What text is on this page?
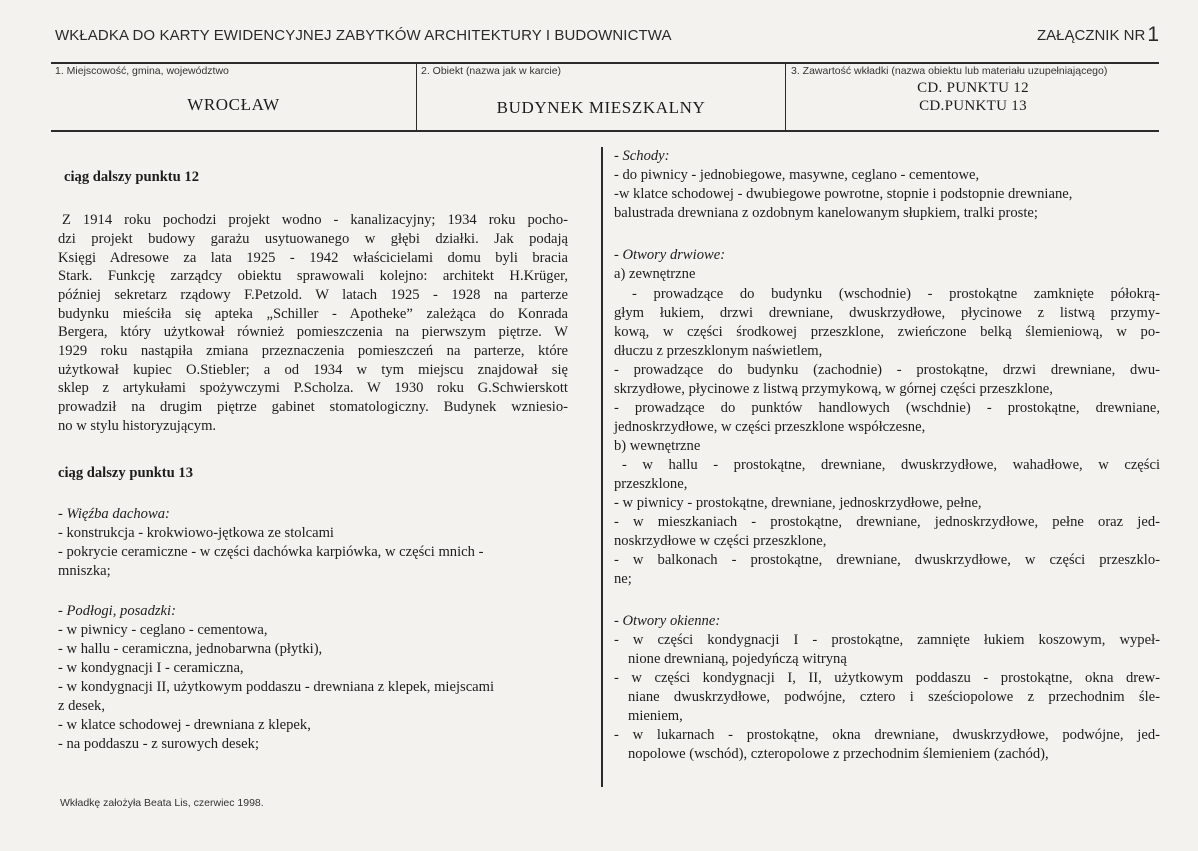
WKŁADKA DO KARTY EWIDENCYJNEJ ZABYTKÓW ARCHITEKTURY I BUDOWNICTWA	ZAŁĄCZNIK NR1
1. Miejscowość, gmina, województwo
WROCŁAW
2. Obiekt (nazwa jak w karcie)
BUDYNEK MIESZKALNY
3. Zawartość wkładki (nazwa obiektu lub materiału uzupełniającego)
CD. PUNKTU 12
CD.PUNKTU 13
ciąg dalszy punktu 12
Z 1914 roku pochodzi projekt wodno - kanalizacyjny; 1934 roku pocho-
dzi projekt budowy garażu usytuowanego w głębi działki. Jak podają
Księgi Adresowe za lata 1925 - 1942 właścicielami domu byli bracia
Stark. Funkcję zarządcy obiektu sprawowali kolejno: architekt H.Krüger,
później sekretarz rządowy F.Petzold. W latach 1925 - 1928 na parterze
budynku mieściła się apteka „Schiller - Apotheke” zależąca do Konrada
Bergera, który użytkował również pomieszczenia na pierwszym piętrze. W
1929 roku nastąpiła zmiana przeznaczenia pomieszczeń na parterze, które
użytkował kupiec O.Stiebler; a od 1934 w tym miejscu znajdował się
sklep z artykułami spożywczymi P.Scholza. W 1930 roku G.Schwierskott
prowadził na drugim piętrze gabinet stomatologiczny. Budynek wzniesio-
no w stylu historyzującym.
ciąg dalszy punktu 13
- Więźba dachowa:
- konstrukcja - krokwiowo-jętkowa ze stolcami
- pokrycie ceramiczne - w części dachówka karpiówka, w części mnich -
mniszka;
- Podłogi, posadzki:
- w piwnicy - ceglano - cementowa,
- w hallu - ceramiczna, jednobarwna (płytki),
- w kondygnacji I - ceramiczna,
- w kondygnacji II, użytkowym poddaszu - drewniana z klepek, miejscami
z desek,
- w klatce schodowej - drewniana z klepek,
- na poddaszu - z surowych desek;
- Schody:
- do piwnicy - jednobiegowe, masywne, ceglano - cementowe,
-w klatce schodowej - dwubiegowe powrotne, stopnie i podstopnie drewniane,
balustrada drewniana z ozdobnym kanelowanym słupkiem, tralki proste;
- Otwory drwiowe:
a) zewnętrzne
- prowadzące do budynku (wschodnie) - prostokątne zamknięte półokrą-
głym łukiem, drzwi drewniane, dwuskrzydłowe, płycinowe z listwą przymy-
kową, w części środkowej przeszklone, zwieńczone belką ślemieniową, w po-
dłuczu z przeszklonym naświetlem,
- prowadzące do budynku (zachodnie) - prostokątne, drzwi drewniane, dwu-
skrzydłowe, płycinowe z listwą przymykową, w górnej części przeszklone,
- prowadzące do punktów handlowych (wschdnie) - prostokątne, drewniane,
jednoskrzydłowe, w części przeszklone współczesne,
b) wewnętrzne
- w hallu - prostokątne, drewniane, dwuskrzydłowe, wahadłowe, w części
przeszklone,
- w piwnicy - prostokątne, drewniane, jednoskrzydłowe, pełne,
- w mieszkaniach - prostokątne, drewniane, jednoskrzydłowe, pełne oraz jed-
noskrzydłowe w części przeszklone,
- w balkonach - prostokątne, drewniane, dwuskrzydłowe, w części przeszklo-
ne;
- Otwory okienne:
- w części kondygnacji I - prostokątne, zamnięte łukiem koszowym, wypeł-
nione drewnianą, pojedyńczą witryną
- w części kondygnacji I, II, użytkowym poddaszu - prostokątne, okna drew-
niane dwuskrzydłowe, podwójne, cztero i sześciopolowe z przechodnim śle-
mieniem,
- w lukarnach - prostokątne, okna drewniane, dwuskrzydłowe, podwójne, jed-
nopolowe (wschód), czteropolowe z przechodnim ślemieniem (zachód),
Wkładkę założyła Beata Lis, czerwiec 1998.
